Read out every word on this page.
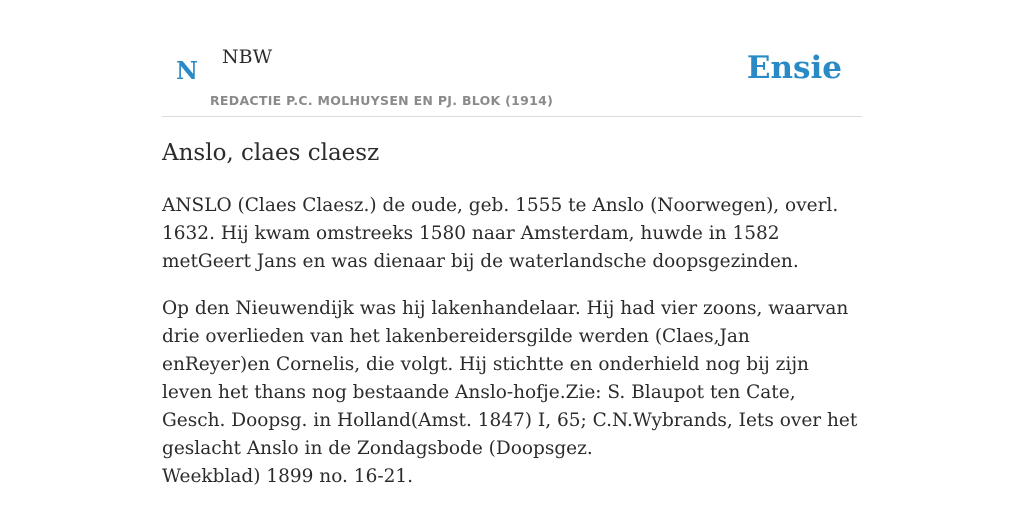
N NBW
REDACTIE P.C. MOLHUYSEN EN PJ. BLOK (1914)
Ensie
Anslo, claes claesz

ANSLO (Claes Claesz.) de oude, geb. 1555 te Anslo (Noorwegen), overl. 1632. Hij kwam omstreeks 1580 naar Amsterdam, huwde in 1582 metGeert Jans en was dienaar bij de waterlandsche doopsgezinden.

Op den Nieuwendijk was hij lakenhandelaar. Hij had vier zoons, waarvan drie overlieden van het lakenbereidersgilde werden (Claes,Jan enReyer)en Cornelis, die volgt. Hij stichtte en onderhield nog bij zijn leven het thans nog bestaande Anslo-hofje.Zie: S. Blaupot ten Cate, Gesch. Doopsg. in Holland(Amst. 1847) I, 65; C.N.Wybrands, Iets over het geslacht Anslo in de Zondagsbode (Doopsgez.

Weekblad) 1899 no. 16-21.
